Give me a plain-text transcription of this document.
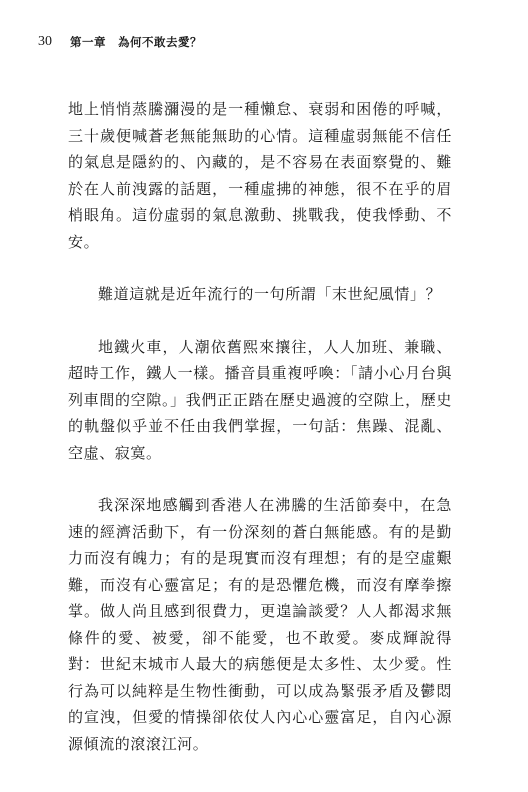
30 第一章　為何不敢去愛？

地上悄悄蒸騰瀰漫的是一種懶怠、衰弱和困倦的呼喊，三十歲便喊蒼老無能無助的心情。這種虛弱無能不信任的氣息是隱約的、內藏的，是不容易在表面察覺的、難於在人前洩露的話題，一種虛拂的神態，很不在乎的眉梢眼角。這份虛弱的氣息激動、挑戰我，使我悸動、不安。

難道這就是近年流行的一句所謂「末世紀風情」？

地鐵火車，人潮依舊熙來攘往，人人加班、兼職、超時工作，鐵人一樣。播音員重複呼喚：「請小心月台與列車間的空隙。」我們正正踏在歷史過渡的空隙上，歷史的軌盤似乎並不任由我們掌握，一句話：焦躁、混亂、空虛、寂寞。

我深深地感觸到香港人在沸騰的生活節奏中，在急速的經濟活動下，有一份深刻的蒼白無能感。有的是勤力而沒有魄力；有的是現實而沒有理想；有的是空虛艱難，而沒有心靈富足；有的是恐懼危機，而沒有摩拳擦掌。做人尚且感到很費力，更遑論談愛？人人都渴求無條件的愛、被愛，卻不能愛，也不敢愛。麥成輝說得對：世紀末城市人最大的病態便是太多性、太少愛。性行為可以純粹是生物性衝動，可以成為緊張矛盾及鬱悶的宣洩，但愛的情操卻依仗人內心心靈富足，自內心源源傾流的滾滾江河。
